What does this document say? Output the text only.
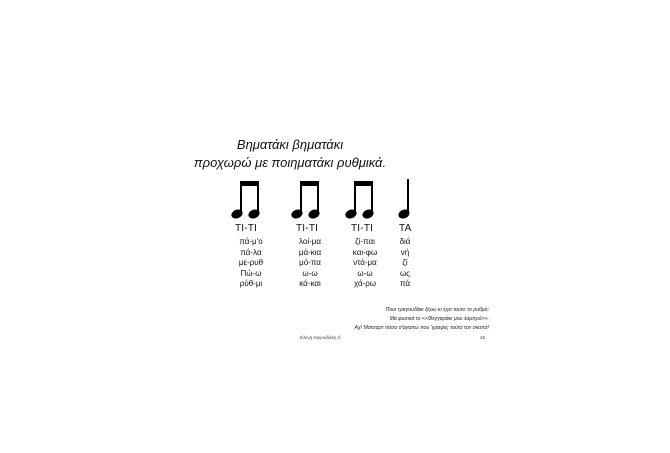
Βηματάκι βηματάκι
προχωρώ με ποιηματάκι ρυθμικά.
TI-TI
πά-μ'ο
πά-λα
με-ρυθ
Πώ-ω
ρύθ-μι
TI-TI
λοί-μα
μά-κια
μό-πα
ω-ω
κά-και
TI-TI
ζί-παι
και-φω
ντά-μα
ω-ω
χά-ρω
TA
διά
νή
ζί
ως
πά
Ποιο τραγουδάκι ξέρω κι έχει τούτο το ρυθμό;
Μα φυσικά το <<Φεγγαράκι μου λαμπρό>>.
Αχ! Μότσαρτ πόσο σ'αγαπώ που 'γραψες τούτο τον σκοπό!
Ελένη Λαγουδάκη ©	25
